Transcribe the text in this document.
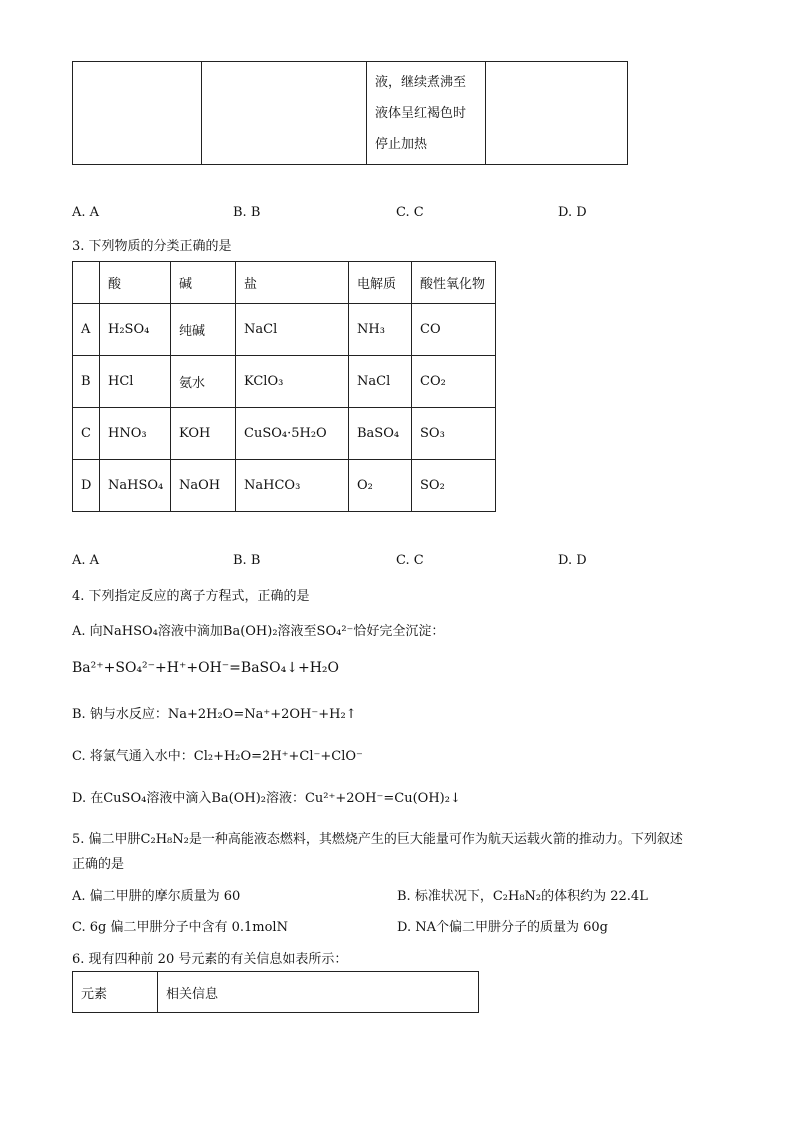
液，继续煮沸至
液体呈红褐色时
停止加热

A. A	B. B	C. C	D. D
3. 下列物质的分类正确的是
	酸	碱	盐	电解质	酸性氧化物
A	H₂SO₄	纯碱	NaCl	NH₃	CO
B	HCl	氨水	KClO₃	NaCl	CO₂
C	HNO₃	KOH	CuSO₄·5H₂O	BaSO₄	SO₃
D	NaHSO₄	NaOH	NaHCO₃	O₂	SO₂
A. A	B. B	C. C	D. D
4. 下列指定反应的离子方程式，正确的是
A. 向NaHSO₄溶液中滴加Ba(OH)₂溶液至SO₄²⁻恰好完全沉淀：
Ba²⁺+SO₄²⁻+H⁺+OH⁻=BaSO₄↓+H₂O
B. 钠与水反应：Na+2H₂O=Na⁺+2OH⁻+H₂↑
C. 将氯气通入水中：Cl₂+H₂O=2H⁺+Cl⁻+ClO⁻
D. 在CuSO₄溶液中滴入Ba(OH)₂溶液：Cu²⁺+2OH⁻=Cu(OH)₂↓
5. 偏二甲肼C₂H₈N₂是一种高能液态燃料，其燃烧产生的巨大能量可作为航天运载火箭的推动力。下列叙述
正确的是
A. 偏二甲肼的摩尔质量为 60	B. 标准状况下，C₂H₈N₂的体积约为 22.4L
C. 6g 偏二甲肼分子中含有 0.1molN	D. NA个偏二甲肼分子的质量为 60g
6. 现有四种前 20 号元素的有关信息如表所示：
元素	相关信息
